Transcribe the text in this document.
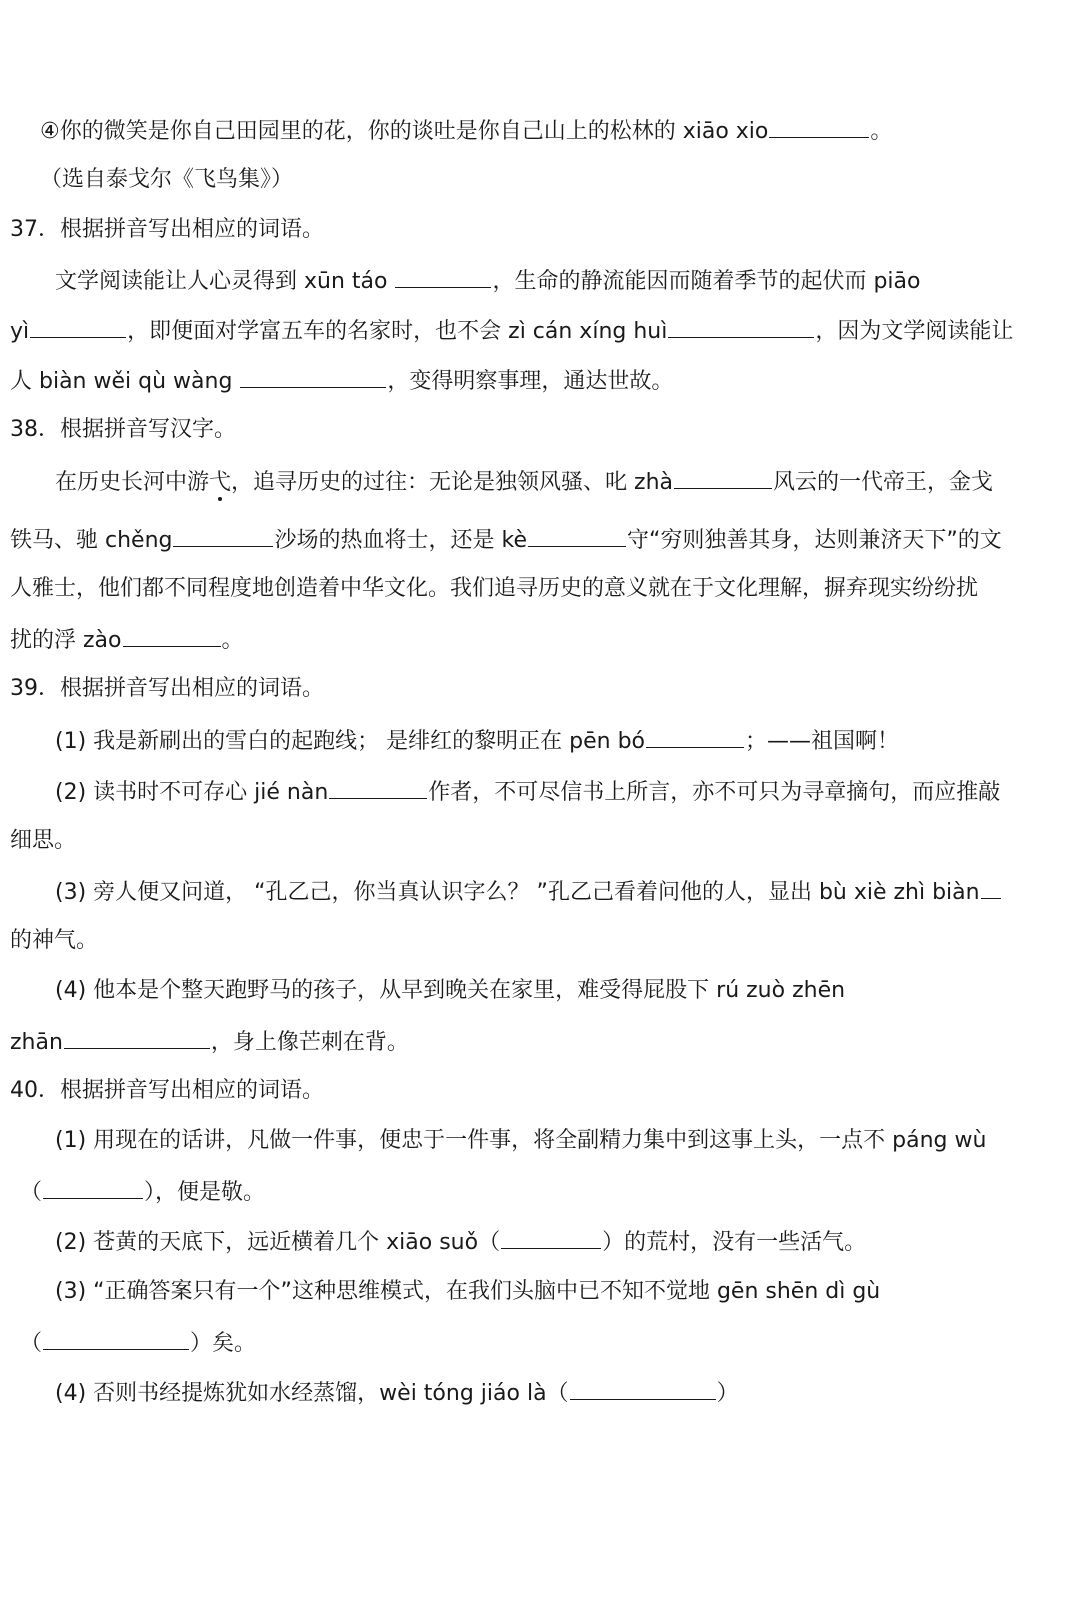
④你的微笑是你自己田园里的花，你的谈吐是你自己山上的松林的 xiāo xio	。
（选自泰戈尔《飞鸟集》）
37．根据拼音写出相应的词语。
文学阅读能让人心灵得到 xūn táo	，生命的静流能因而随着季节的起伏而 piāo
yì	，即便面对学富五车的名家时，也不会 zì cán xíng huì	，因为文学阅读能让
人 biàn wěi qù wàng	，变得明察事理，通达世故。
38．根据拼音写汉字。
在历史长河中游弋，追寻历史的过往：无论是独领风骚、叱 zhà	风云的一代帝王，金戈
铁马、驰 chěng	沙场的热血将士，还是 kè	守“穷则独善其身，达则兼济天下”的文
人雅士，他们都不同程度地创造着中华文化。我们追寻历史的意义就在于文化理解，摒弃现实纷纷扰
扰的浮 zào	。
39．根据拼音写出相应的词语。
(1) 我是新刷出的雪白的起跑线； 是绯红的黎明正在 pēn bó	；——祖国啊！
(2) 读书时不可存心 jié nàn	作者，不可尽信书上所言，亦不可只为寻章摘句，而应推敲
细思。
(3) 旁人便又问道， “孔乙己，你当真认识字么？ ”孔乙己看着问他的人，显出 bù xiè zhì biàn
的神气。
(4) 他本是个整天跑野马的孩子，从早到晚关在家里，难受得屁股下 rú zuò zhēn
zhān	，身上像芒刺在背。
40．根据拼音写出相应的词语。
(1) 用现在的话讲，凡做一件事，便忠于一件事，将全副精力集中到这事上头，一点不 páng wù
（	），便是敬。
(2) 苍黄的天底下，远近横着几个 xiāo suǒ（	）的荒村，没有一些活气。
(3) “正确答案只有一个”这种思维模式，在我们头脑中已不知不觉地 gēn shēn dì gù
（	）矣。
(4) 否则书经提炼犹如水经蒸馏，wèi tóng jiáo là（	）
